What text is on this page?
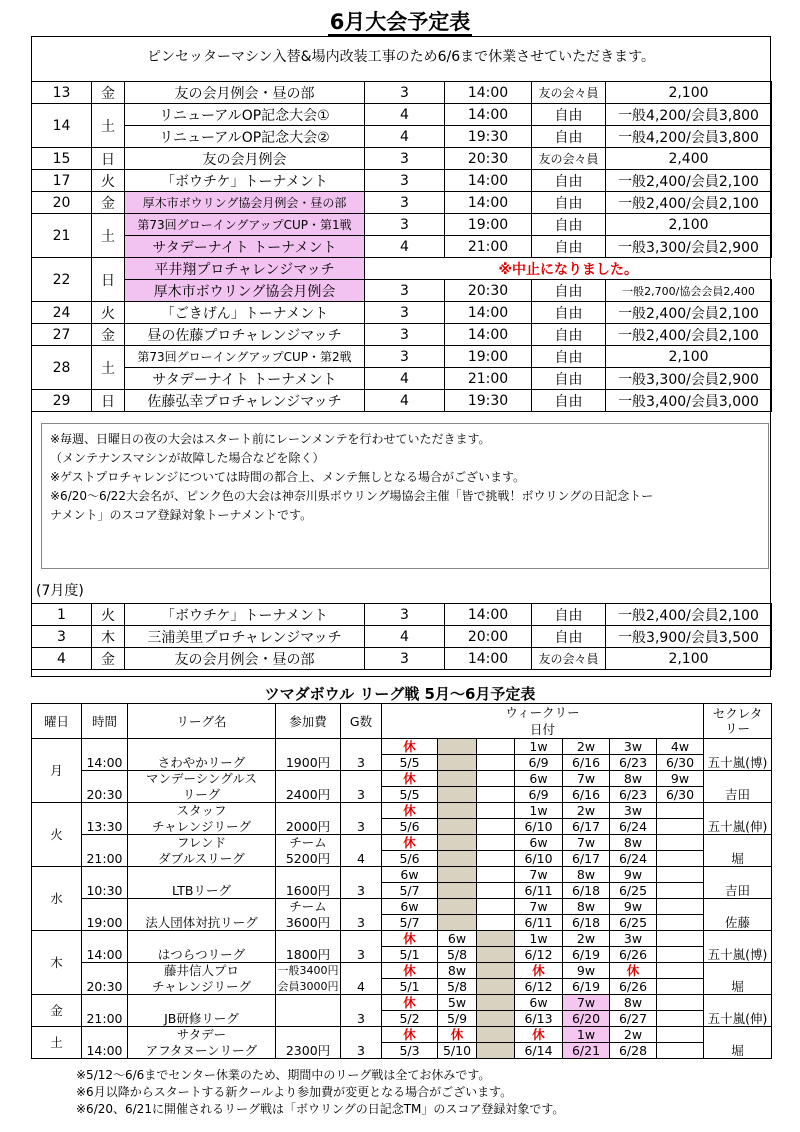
6月大会予定表
ピンセッターマシン入替&場内改装工事のため6/6まで休業させていただきます。
13	金	友の会月例会・昼の部	3	14:00	友の会々員	2,100
14	土	リニューアルOP記念大会①	4	14:00	自由	一般4,200/会員3,800
		リニューアルOP記念大会②	4	19:30	自由	一般4,200/会員3,800
15	日	友の会月例会	3	20:30	友の会々員	2,400
17	火	「ボウチケ」トーナメント	3	14:00	自由	一般2,400/会員2,100
20	金	厚木市ボウリング協会月例会・昼の部	3	14:00	自由	一般2,400/会員2,100
21	土	第73回グローイングアップCUP・第1戦	3	19:00	自由	2,100
		サタデーナイト トーナメント	4	21:00	自由	一般3,300/会員2,900
22	日	平井翔プロチャレンジマッチ	※中止になりました。			
		厚木市ボウリング協会月例会	3	20:30	自由	一般2,700/協会会員2,400
24	火	「ごきげん」トーナメント	3	14:00	自由	一般2,400/会員2,100
27	金	昼の佐藤プロチャレンジマッチ	3	14:00	自由	一般2,400/会員2,100
28	土	第73回グローイングアップCUP・第2戦	3	19:00	自由	2,100
		サタデーナイト トーナメント	4	21:00	自由	一般3,300/会員2,900
29	日	佐藤弘幸プロチャレンジマッチ	4	19:30	自由	一般3,400/会員3,000
※毎週、日曜日の夜の大会はスタート前にレーンメンテを行わせていただきます。
（メンテナンスマシンが故障した場合などを除く）
※ゲストプロチャレンジについては時間の都合上、メンテ無しとなる場合がございます。
※6/20～6/22大会名が、ピンク色の大会は神奈川県ボウリング場協会主催「皆で挑戦！ボウリングの日記念トー
ナメント」のスコア登録対象トーナメントです。
(7月度)
1	火	「ボウチケ」トーナメント	3	14:00	自由	一般2,400/会員2,100
3	木	三浦美里プロチャレンジマッチ	4	20:00	自由	一般3,900/会員3,500
4	金	友の会月例会・昼の部	3	14:00	友の会々員	2,100
ツマダボウル リーグ戦 5月～6月予定表
曜日	時間	リーグ名	参加費	G数	ウィークリー							セクレタ
リー
					日付							
月					休			1w	2w	3w	4w	
	14:00	さわやかリーグ	1900円	3	5/5			6/9	6/16	6/23	6/30	五十嵐(博)
		マンデーシングルス			休			6w	7w	8w	9w	
	20:30	リーグ	2400円	3	5/5			6/9	6/16	6/23	6/30	吉田
火		スタッフ			休			1w	2w	3w		
	13:30	チャレンジリーグ	2000円	3	5/6			6/10	6/17	6/24		五十嵐(伸)
		フレンド	チーム		休			6w	7w	8w		
	21:00	ダブルスリーグ	5200円	4	5/6			6/10	6/17	6/24		堀
水					6w			7w	8w	9w		
	10:30	LTBリーグ	1600円	3	5/7			6/11	6/18	6/25		吉田
			チーム		6w			7w	8w	9w		
	19:00	法人団体対抗リーグ	3600円	3	5/7			6/11	6/18	6/25		佐藤
木					休	6w		1w	2w	3w		
	14:00	はつらつリーグ	1800円	3	5/1	5/8		6/12	6/19	6/26		五十嵐(博)
		藤井信人プロ	一般3400円		休	8w		休	9w	休		
	20:30	チャレンジリーグ	会員3000円	4	5/1	5/8		6/12	6/19	6/26		堀
金					休	5w		6w	7w	8w		
	21:00	JB研修リーグ		3	5/2	5/9		6/13	6/20	6/27		五十嵐(伸)
土		サタデー			休	休		休	1w	2w		
	14:00	アフタヌーンリーグ	2300円	3	5/3	5/10		6/14	6/21	6/28		堀
※5/12～6/6までセンター休業のため、期間中のリーグ戦は全てお休みです。
※6月以降からスタートする新クールより参加費が変更となる場合がございます。
※6/20、6/21に開催されるリーグ戦は「ボウリングの日記念TM」のスコア登録対象です。
